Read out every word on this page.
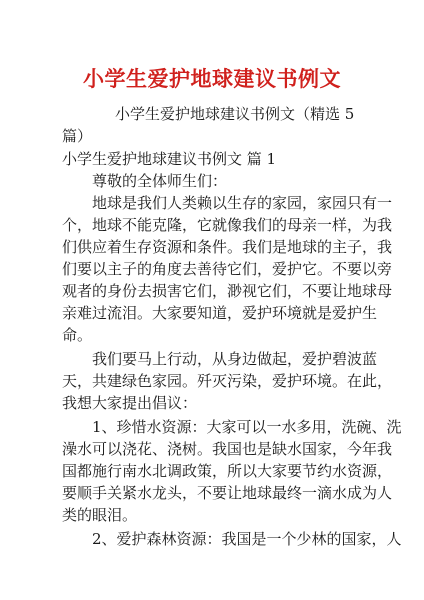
小学生爱护地球建议书例文
小学生爱护地球建议书例文（精选 5
篇）
小学生爱护地球建议书例文 篇 1
尊敬的全体师生们：
地球是我们人类赖以生存的家园，家园只有一
个，地球不能克隆，它就像我们的母亲一样，为我
们供应着生存资源和条件。我们是地球的主子，我
们要以主子的角度去善待它们，爱护它。不要以旁
观者的身份去损害它们，渺视它们，不要让地球母
亲难过流泪。大家要知道，爱护环境就是爱护生
命。
我们要马上行动，从身边做起，爱护碧波蓝
天，共建绿色家园。歼灭污染，爱护环境。在此，
我想大家提出倡议：
1、珍惜水资源：大家可以一水多用，洗碗、洗
澡水可以浇花、浇树。我国也是缺水国家，今年我
国都施行南水北调政策，所以大家要节约水资源，
要顺手关紧水龙头，不要让地球最终一滴水成为人
类的眼泪。
2、爱护森林资源：我国是一个少林的国家，人
